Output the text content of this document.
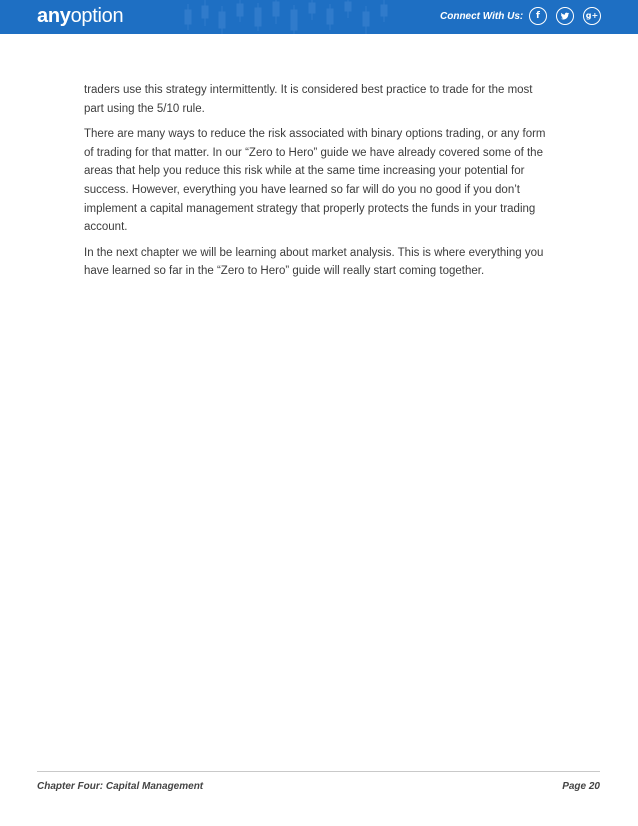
anyoption	Connect With Us:	f	g+

traders use this strategy intermittently. It is considered best practice to trade for the most part using the 5/10 rule.

There are many ways to reduce the risk associated with binary options trading, or any form of trading for that matter. In our “Zero to Hero” guide we have already covered some of the areas that help you reduce this risk while at the same time increasing your potential for success. However, everything you have learned so far will do you no good if you don’t implement a capital management strategy that properly protects the funds in your trading account.

In the next chapter we will be learning about market analysis. This is where everything you have learned so far in the “Zero to Hero” guide will really start coming together.

Chapter Four: Capital Management	Page 20
